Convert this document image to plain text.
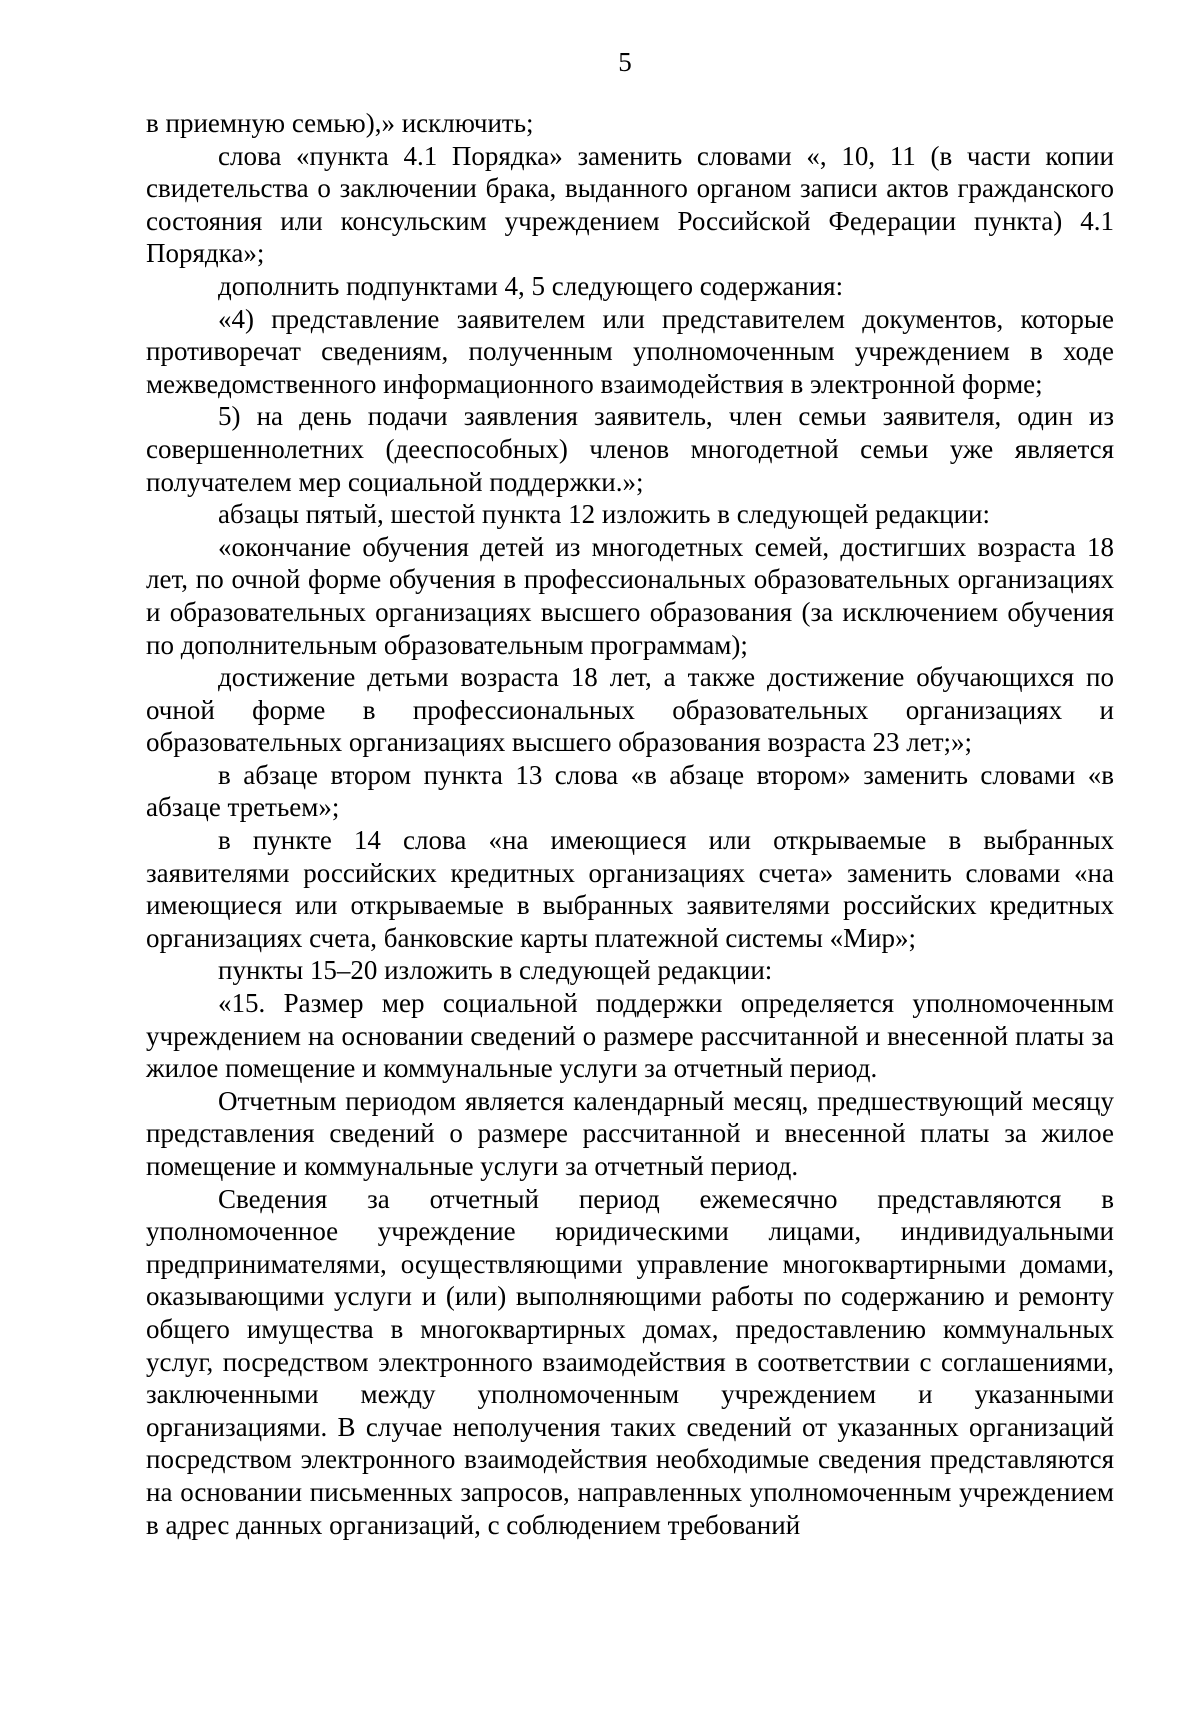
5

в приемную семью),» исключить;

слова «пункта 4.1 Порядка» заменить словами «, 10, 11 (в части копии свидетельства о заключении брака, выданного органом записи актов гражданского состояния или консульским учреждением Российской Федерации пункта) 4.1 Порядка»;

дополнить подпунктами 4, 5 следующего содержания:

«4) представление заявителем или представителем документов, которые противоречат сведениям, полученным уполномоченным учреждением в ходе межведомственного информационного взаимодействия в электронной форме;

5) на день подачи заявления заявитель, член семьи заявителя, один из совершеннолетних (дееспособных) членов многодетной семьи уже является получателем мер социальной поддержки.»;

абзацы пятый, шестой пункта 12 изложить в следующей редакции:

«окончание обучения детей из многодетных семей, достигших возраста 18 лет, по очной форме обучения в профессиональных образовательных организациях и образовательных организациях высшего образования (за исключением обучения по дополнительным образовательным программам);

достижение детьми возраста 18 лет, а также достижение обучающихся по очной форме в профессиональных образовательных организациях и образовательных организациях высшего образования возраста 23 лет;»;

в абзаце втором пункта 13 слова «в абзаце втором» заменить словами «в абзаце третьем»;

в пункте 14 слова «на имеющиеся или открываемые в выбранных заявителями российских кредитных организациях счета» заменить словами «на имеющиеся или открываемые в выбранных заявителями российских кредитных организациях счета, банковские карты платежной системы «Мир»;

пункты 15–20 изложить в следующей редакции:

«15. Размер мер социальной поддержки определяется уполномоченным учреждением на основании сведений о размере рассчитанной и внесенной платы за жилое помещение и коммунальные услуги за отчетный период.

Отчетным периодом является календарный месяц, предшествующий месяцу представления сведений о размере рассчитанной и внесенной платы за жилое помещение и коммунальные услуги за отчетный период.

Сведения за отчетный период ежемесячно представляются в уполномоченное учреждение юридическими лицами, индивидуальными предпринимателями, осуществляющими управление многоквартирными домами, оказывающими услуги и (или) выполняющими работы по содержанию и ремонту общего имущества в многоквартирных домах, предоставлению коммунальных услуг, посредством электронного взаимодействия в соответствии с соглашениями, заключенными между уполномоченным учреждением и указанными организациями. В случае неполучения таких сведений от указанных организаций посредством электронного взаимодействия необходимые сведения представляются на основании письменных запросов, направленных уполномоченным учреждением в адрес данных организаций, с соблюдением требований
